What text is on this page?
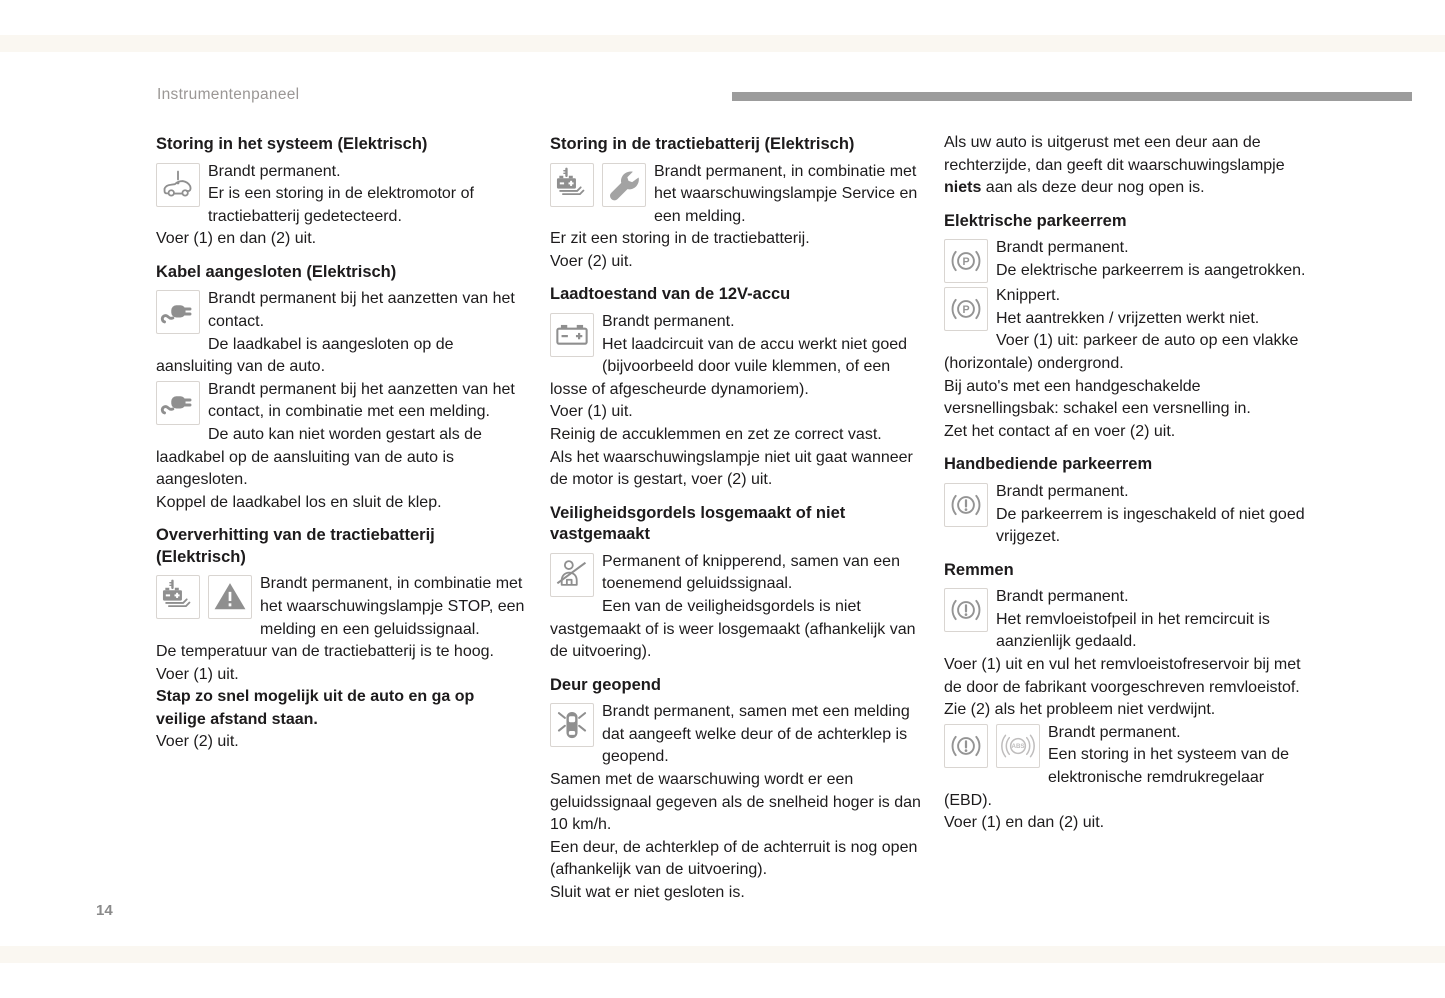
Instrumentenpaneel
Storing in het systeem (Elektrisch)
Brandt permanent.
Er is een storing in de elektromotor of tractiebatterij gedetecteerd.
Voer (1) en dan (2) uit.
Kabel aangesloten (Elektrisch)
Brandt permanent bij het aanzetten van het contact.
De laadkabel is aangesloten op de aansluiting van de auto.
Brandt permanent bij het aanzetten van het contact, in combinatie met een melding.
De auto kan niet worden gestart als de laadkabel op de aansluiting van de auto is aangesloten.
Koppel de laadkabel los en sluit de klep.
Oververhitting van de tractiebatterij (Elektrisch)
Brandt permanent, in combinatie met het waarschuwingslampje STOP, een melding en een geluidssignaal.
De temperatuur van de tractiebatterij is te hoog.
Voer (1) uit.
Stap zo snel mogelijk uit de auto en ga op veilige afstand staan.
Voer (2) uit.
Storing in de tractiebatterij (Elektrisch)
Brandt permanent, in combinatie met het waarschuwingslampje Service en een melding.
Er zit een storing in de tractiebatterij.
Voer (2) uit.
Laadtoestand van de 12V-accu
Brandt permanent.
Het laadcircuit van de accu werkt niet goed (bijvoorbeeld door vuile klemmen, of een losse of afgescheurde dynamoriem).
Voer (1) uit.
Reinig de accuklemmen en zet ze correct vast.
Als het waarschuwingslampje niet uit gaat wanneer de motor is gestart, voer (2) uit.
Veiligheidsgordels losgemaakt of niet vastgemaakt
Permanent of knipperend, samen van een toenemend geluidssignaal.
Een van de veiligheidsgordels is niet vastgemaakt of is weer losgemaakt (afhankelijk van de uitvoering).
Deur geopend
Brandt permanent, samen met een melding dat aangeeft welke deur of de achterklep is geopend.
Samen met de waarschuwing wordt er een geluidssignaal gegeven als de snelheid hoger is dan 10 km/h.
Een deur, de achterklep of de achterruit is nog open (afhankelijk van de uitvoering).
Sluit wat er niet gesloten is.
Als uw auto is uitgerust met een deur aan de rechterzijde, dan geeft dit waarschuwingslampje niets aan als deze deur nog open is.
Elektrische parkeerrem
P
Brandt permanent.
De elektrische parkeerrem is aangetrokken.
P
Knippert.
Het aantrekken / vrijzetten werkt niet.
Voer (1) uit: parkeer de auto op een vlakke (horizontale) ondergrond.
Bij auto's met een handgeschakelde versnellingsbak: schakel een versnelling in.
Zet het contact af en voer (2) uit.
Handbediende parkeerrem
Brandt permanent.
De parkeerrem is ingeschakeld of niet goed vrijgezet.
Remmen
Brandt permanent.
Het remvloeistofpeil in het remcircuit is aanzienlijk gedaald.
Voer (1) uit en vul het remvloeistofreservoir bij met de door de fabrikant voorgeschreven remvloeistof. Zie (2) als het probleem niet verdwijnt.
ABS
Brandt permanent.
Een storing in het systeem van de elektronische remdrukregelaar (EBD).
Voer (1) en dan (2) uit.
14
